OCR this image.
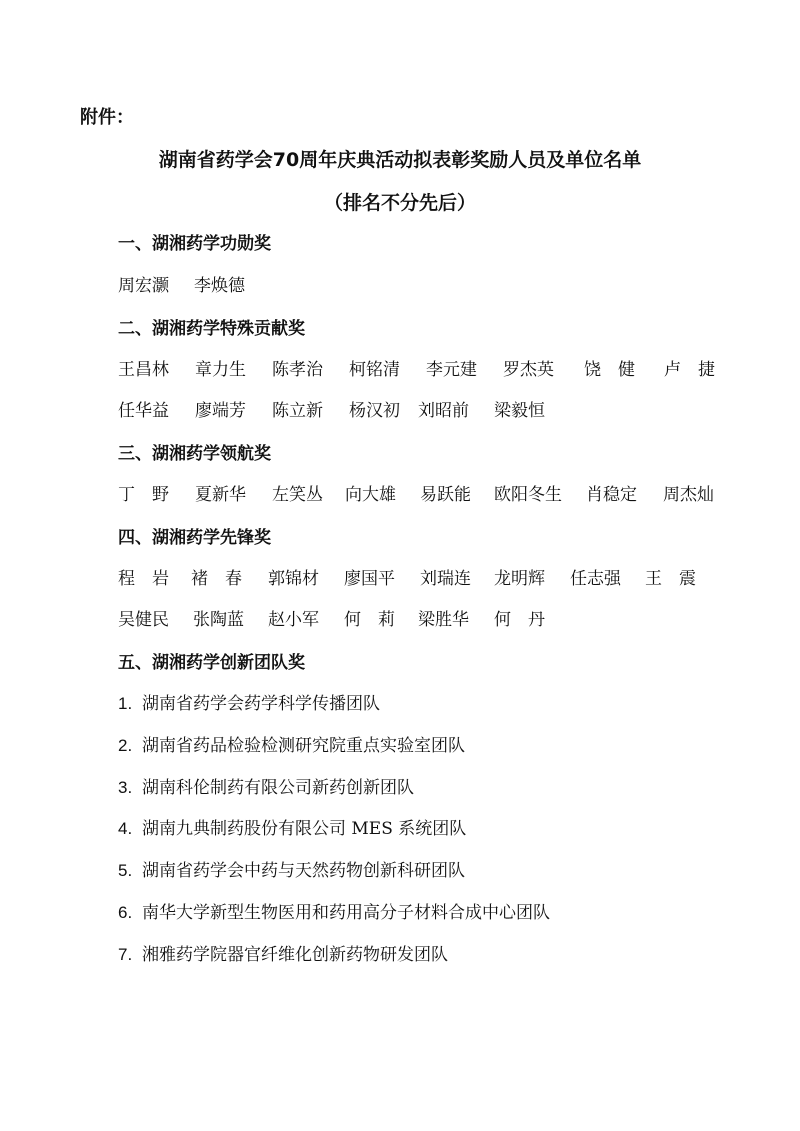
附件：
湖南省药学会70周年庆典活动拟表彰奖励人员及单位名单
（排名不分先后）
一、湖湘药学功勋奖
周宏灏 李焕德
二、湖湘药学特殊贡献奖
王昌林 章力生 陈孝治 柯铭清 李元建 罗杰英 饶　健 卢　捷
任华益 廖端芳 陈立新 杨汉初 刘昭前 梁毅恒
三、湖湘药学领航奖
丁　野 夏新华 左笑丛 向大雄 易跃能 欧阳冬生 肖稳定 周杰灿
四、湖湘药学先锋奖
程　岩 褚　春 郭锦材 廖国平 刘瑞连 龙明辉 任志强 王　震
吴健民 张陶蓝 赵小军 何　莉 梁胜华 何　丹
五、湖湘药学创新团队奖
1. 湖南省药学会药学科学传播团队
2. 湖南省药品检验检测研究院重点实验室团队
3. 湖南科伦制药有限公司新药创新团队
4. 湖南九典制药股份有限公司 MES 系统团队
5. 湖南省药学会中药与天然药物创新科研团队
6. 南华大学新型生物医用和药用高分子材料合成中心团队
7. 湘雅药学院器官纤维化创新药物研发团队
